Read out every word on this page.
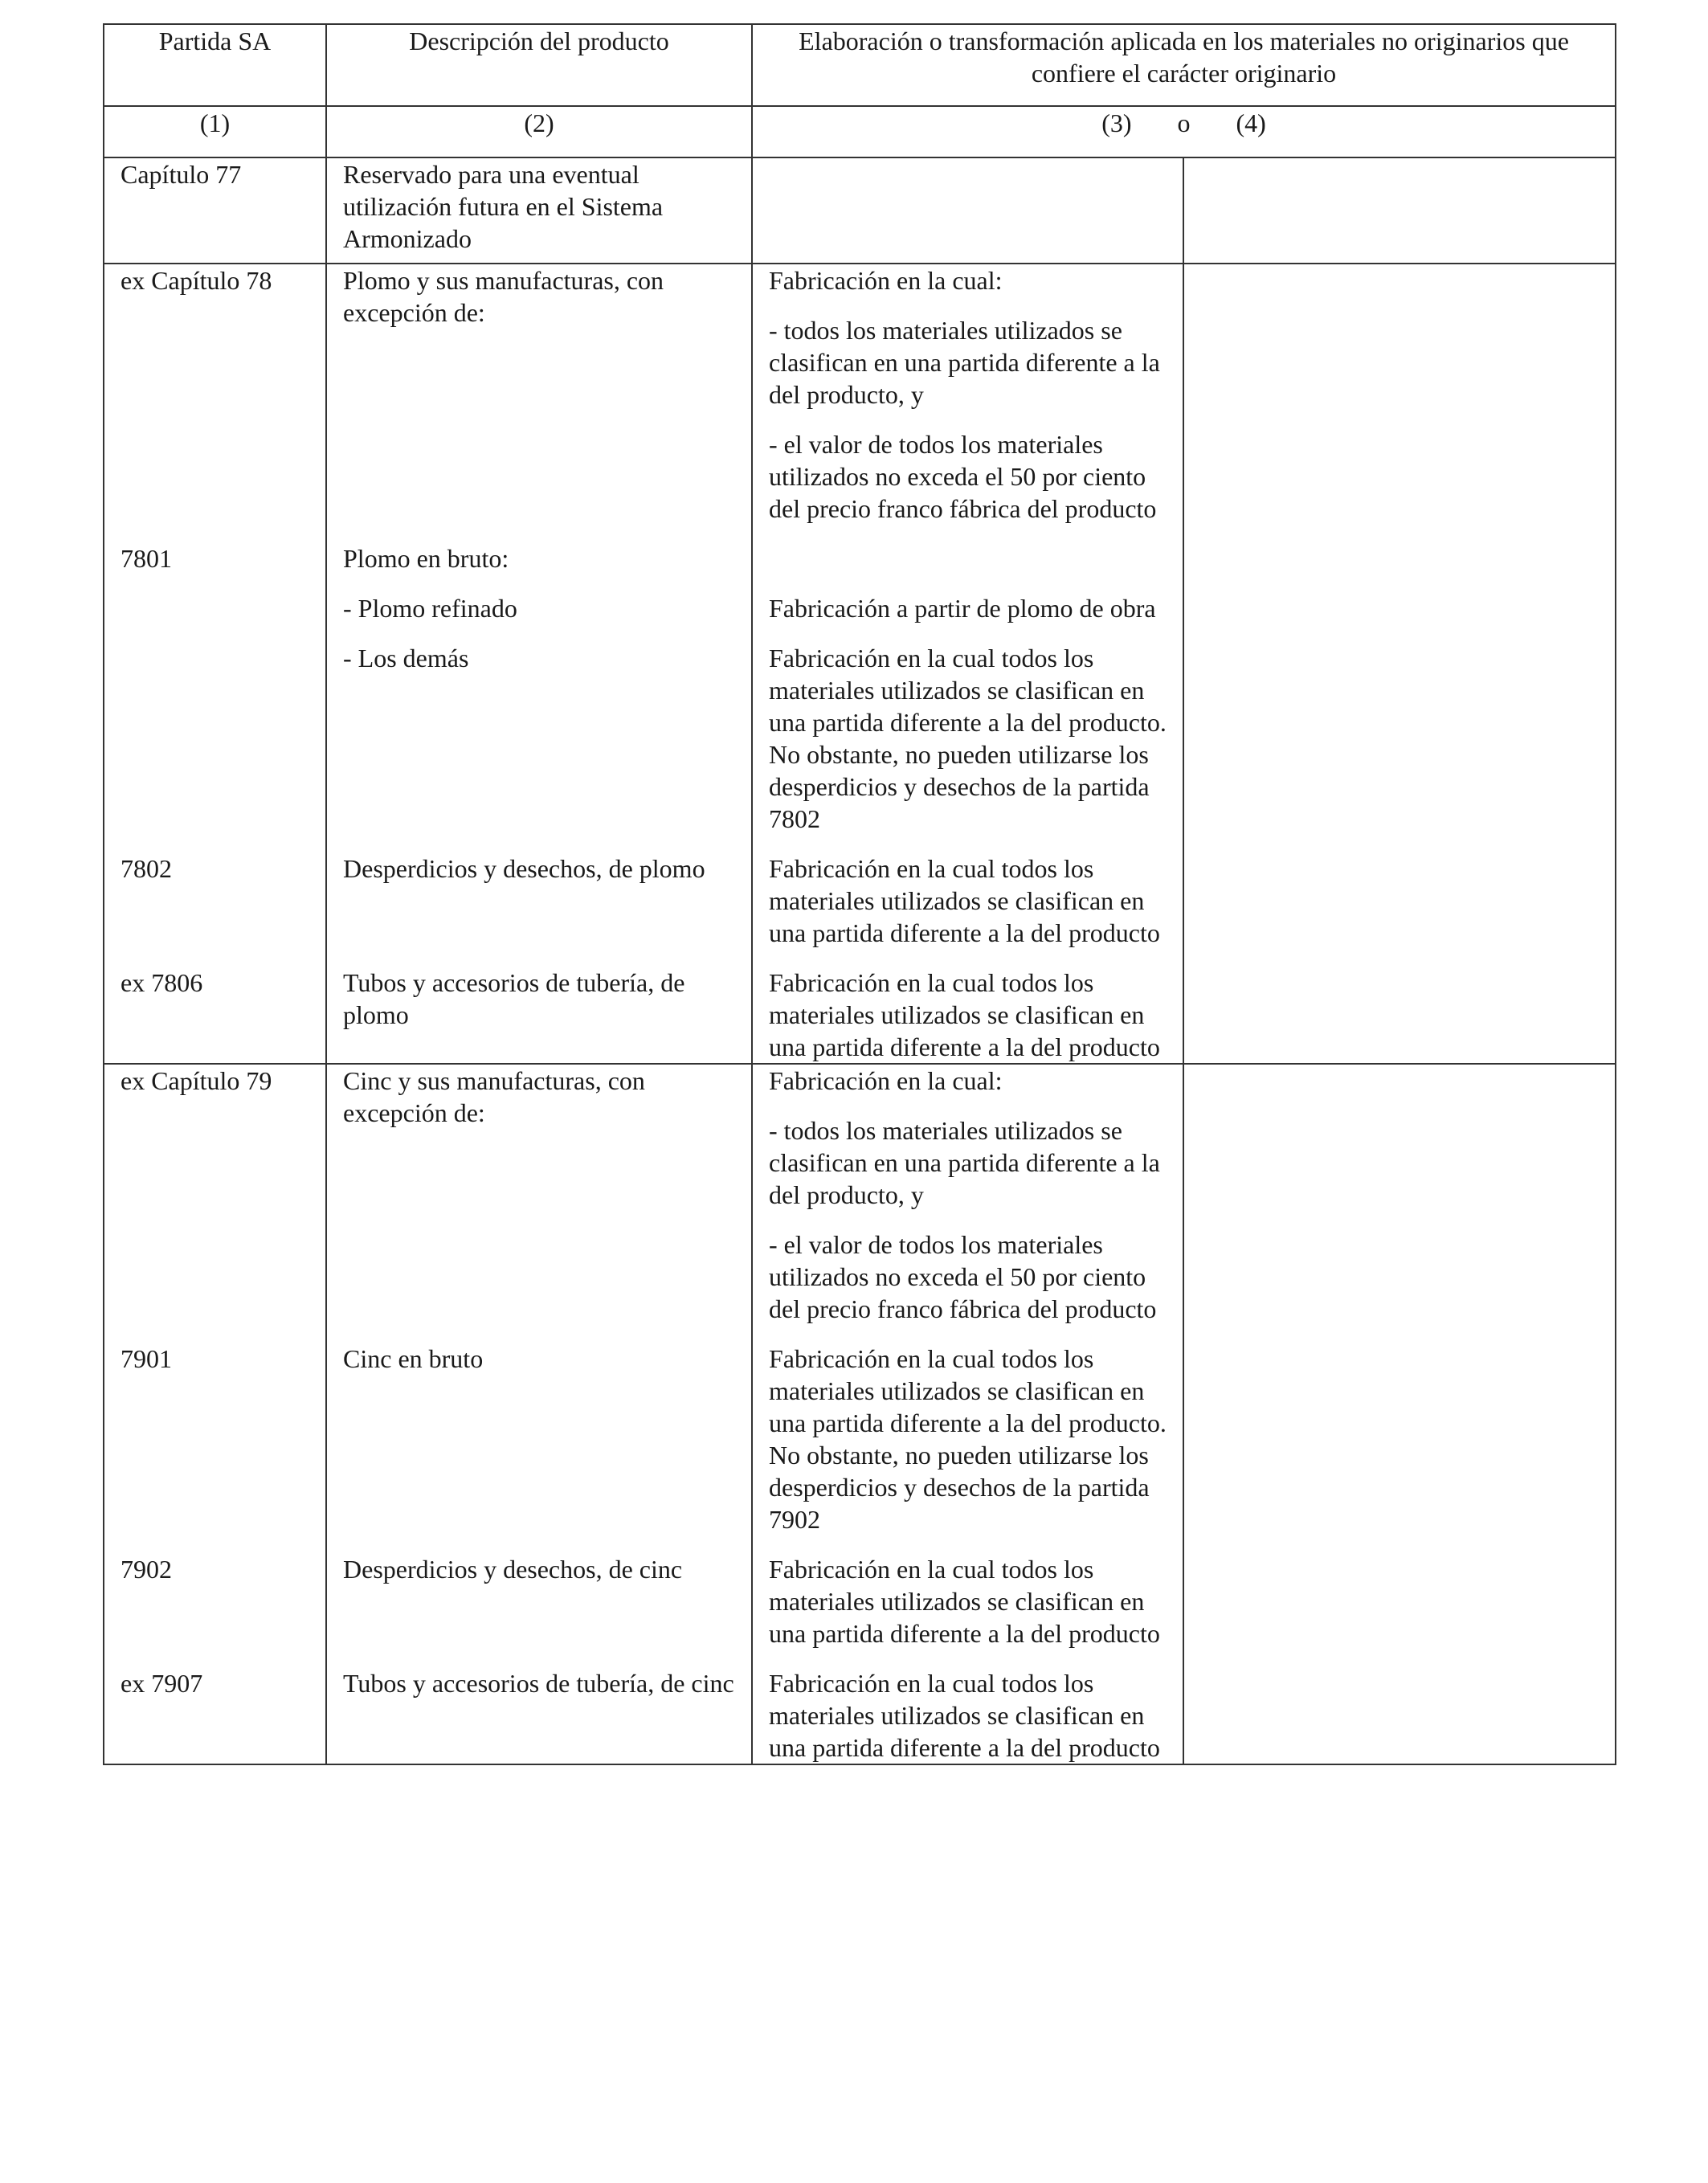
Partida SA	Descripción del producto	Elaboración o transformación aplicada en los materiales no originarios que confiere el carácter originario	
(1)	(2)	(3) o (4)	
Capítulo 77	Reservado para una eventual utilización futura en el Sistema Armonizado		
ex Capítulo 78	Plomo y sus manufacturas, con excepción de:	Fabricación en la cual:

- todos los materiales utilizados se clasifican en una partida diferente a la del producto, y

- el valor de todos los materiales utilizados no exceda el 50 por ciento del precio franco fábrica del producto	

7801	Plomo en bruto:		
	- Plomo refinado	Fabricación a partir de plomo de obra	

	- Los demás	Fabricación en la cual todos los materiales utilizados se clasifican en una partida diferente a la del producto. No obstante, no pueden utilizarse los desperdicios y desechos de la partida 7802	

7802	Desperdicios y desechos, de plomo	Fabricación en la cual todos los materiales utilizados se clasifican en una partida diferente a la del producto	

ex 7806	Tubos y accesorios de tubería, de plomo	Fabricación en la cual todos los materiales utilizados se clasifican en una partida diferente a la del producto	

ex Capítulo 79	Cinc y sus manufacturas, con excepción de:	Fabricación en la cual:

- todos los materiales utilizados se clasifican en una partida diferente a la del producto, y

- el valor de todos los materiales utilizados no exceda el 50 por ciento del precio franco fábrica del producto	

7901	Cinc en bruto	Fabricación en la cual todos los materiales utilizados se clasifican en una partida diferente a la del producto. No obstante, no pueden utilizarse los desperdicios y desechos de la partida 7902	

7902	Desperdicios y desechos, de cinc	Fabricación en la cual todos los materiales utilizados se clasifican en una partida diferente a la del producto	

ex 7907	Tubos y accesorios de tubería, de cinc	Fabricación en la cual todos los materiales utilizados se clasifican en una partida diferente a la del producto	
